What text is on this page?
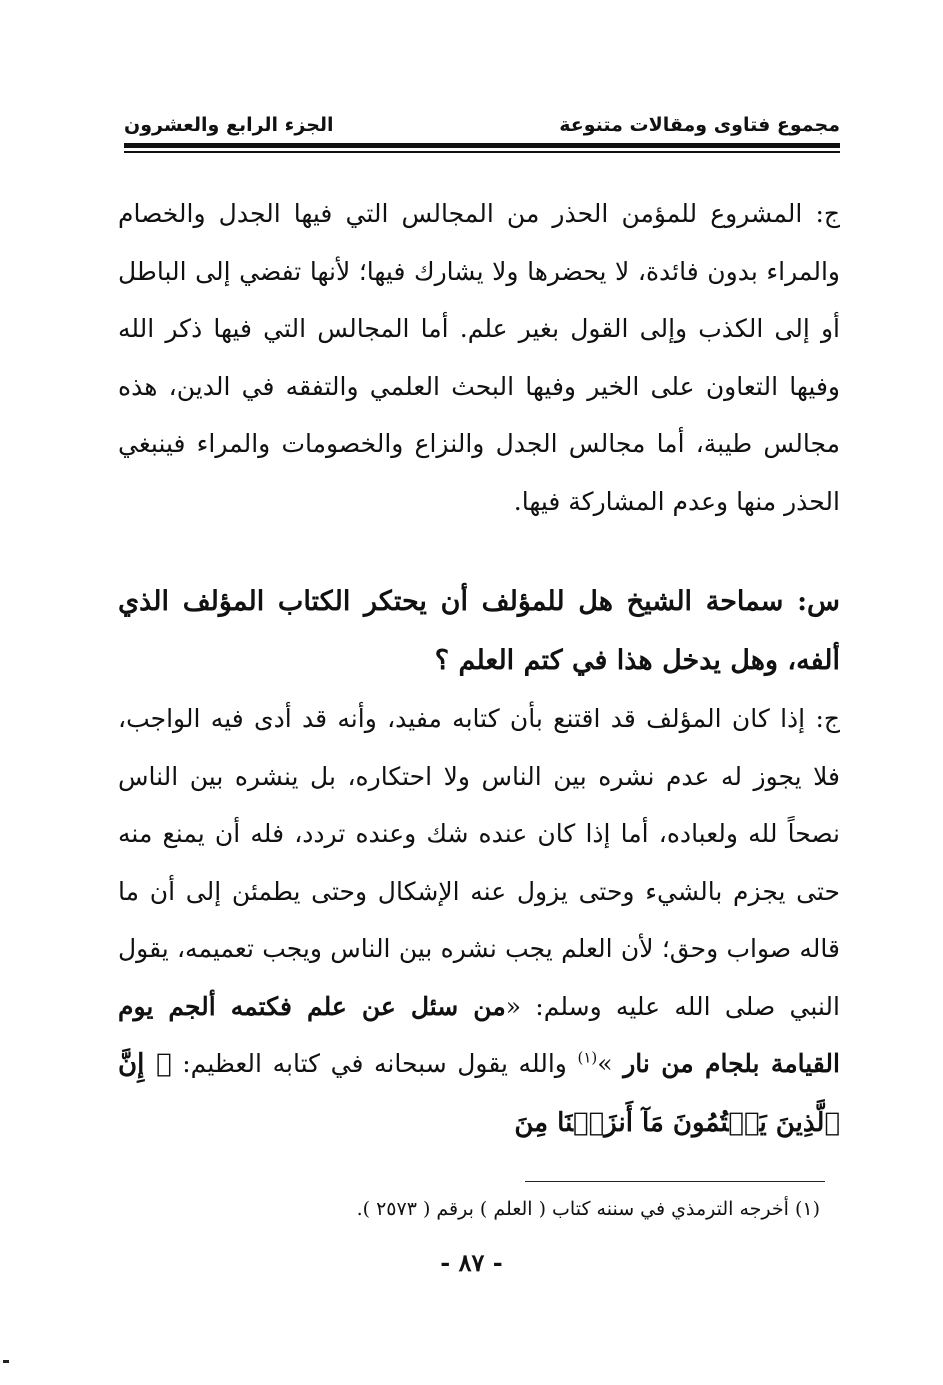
مجموع فتاوى ومقالات متنوعة
الجزء الرابع والعشرون

ج: المشروع للمؤمن الحذر من المجالس التي فيها الجدل والخصام والمراء بدون فائدة، لا يحضرها ولا يشارك فيها؛ لأنها تفضي إلى الباطل أو إلى الكذب وإلى القول بغير علم. أما المجالس التي فيها ذكر الله وفيها التعاون على الخير وفيها البحث العلمي والتفقه في الدين، هذه مجالس طيبة، أما مجالس الجدل والنزاع والخصومات والمراء فينبغي الحذر منها وعدم المشاركة فيها.

س: سماحة الشيخ هل للمؤلف أن يحتكر الكتاب المؤلف الذي ألفه، وهل يدخل هذا في كتم العلم ؟

ج: إذا كان المؤلف قد اقتنع بأن كتابه مفيد، وأنه قد أدى فيه الواجب، فلا يجوز له عدم نشره بين الناس ولا احتكاره، بل ينشره بين الناس نصحاً لله ولعباده، أما إذا كان عنده شك وعنده تردد، فله أن يمنع منه حتى يجزم بالشيء وحتى يزول عنه الإشكال وحتى يطمئن إلى أن ما قاله صواب وحق؛ لأن العلم يجب نشره بين الناس ويجب تعميمه، يقول النبي صلى الله عليه وسلم: «من سئل عن علم فكتمه ألجم يوم القيامة بلجام من نار »$^{(١)}$ والله يقول سبحانه في كتابه العظيم: ﴿ إِنَّ ٱلَّذِينَ يَكۡتُمُونَ مَآ أَنزَلۡنَا مِنَ

(١) أخرجه الترمذي في سننه كتاب ( العلم ) برقم ( ٢٥٧٣ ).
- ٨٧ -
